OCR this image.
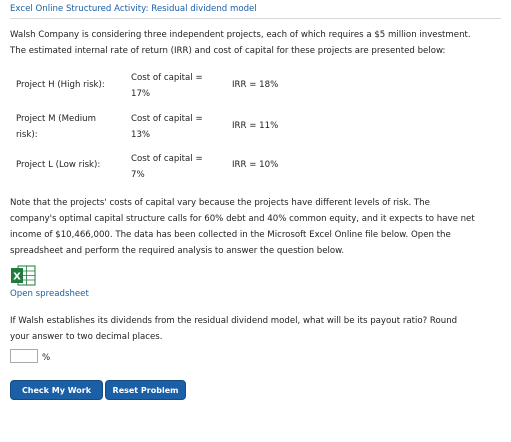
Excel Online Structured Activity: Residual dividend model
Walsh Company is considering three independent projects, each of which requires a $5 million investment.
The estimated internal rate of return (IRR) and cost of capital for these projects are presented below:
Project H (High risk):
Cost of capital =
17%
IRR = 18%
Project M (Medium
risk):
Cost of capital =
13%
IRR = 11%
Project L (Low risk):
Cost of capital =
7%
IRR = 10%
Note that the projects' costs of capital vary because the projects have different levels of risk. The
company's optimal capital structure calls for 60% debt and 40% common equity, and it expects to have net
income of $10,466,000. The data has been collected in the Microsoft Excel Online file below. Open the
spreadsheet and perform the required analysis to answer the question below.
X
Open spreadsheet
If Walsh establishes its dividends from the residual dividend model, what will be its payout ratio? Round
your answer to two decimal places.
%
Check My Work	Reset Problem
